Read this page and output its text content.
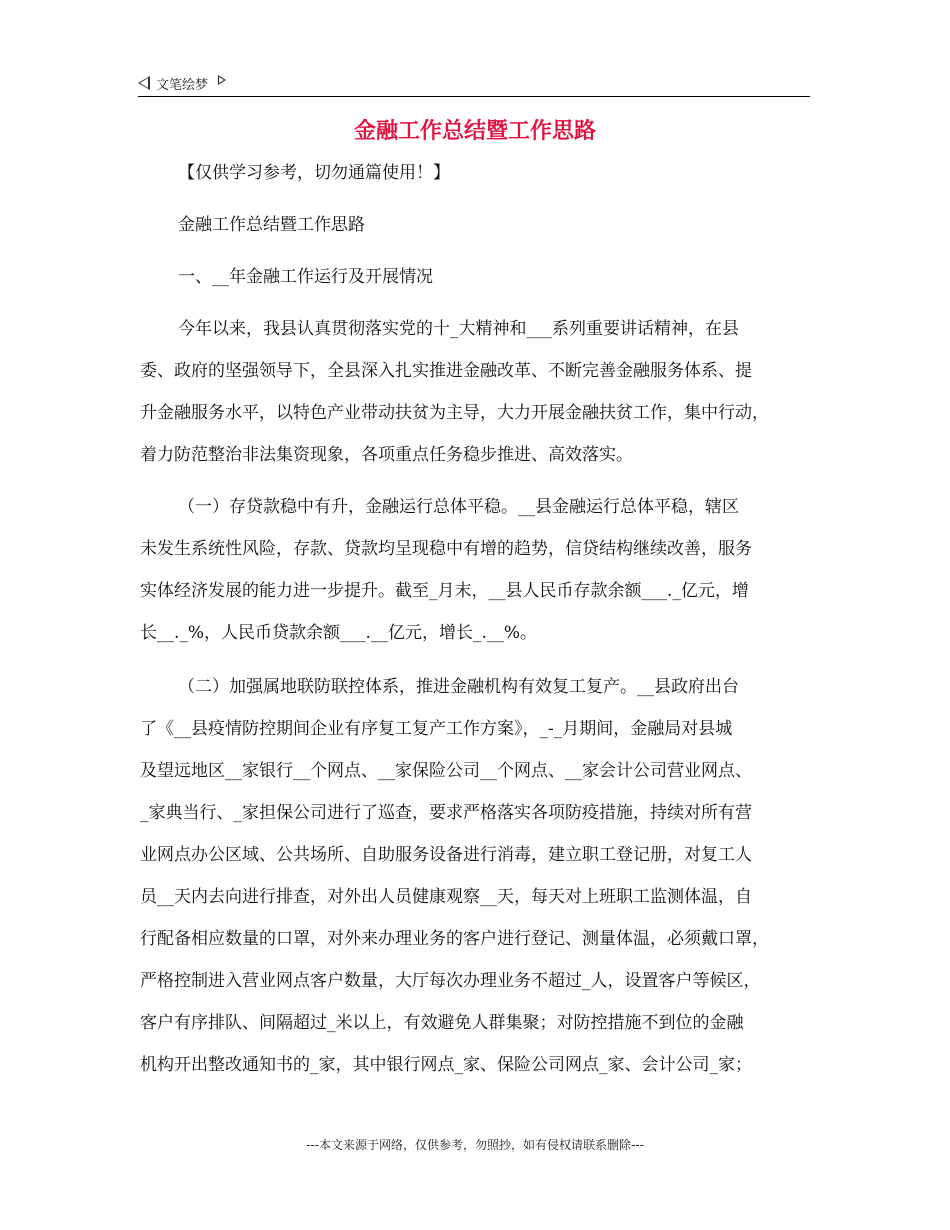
文笔绘梦
金融工作总结暨工作思路
【仅供学习参考，切勿通篇使用！】
金融工作总结暨工作思路
一、__年金融工作运行及开展情况
今年以来，我县认真贯彻落实党的十_大精神和___系列重要讲话精神，在县
委、政府的坚强领导下，全县深入扎实推进金融改革、不断完善金融服务体系、提
升金融服务水平，以特色产业带动扶贫为主导，大力开展金融扶贫工作，集中行动，
着力防范整治非法集资现象，各项重点任务稳步推进、高效落实。
（一）存贷款稳中有升，金融运行总体平稳。__县金融运行总体平稳，辖区
未发生系统性风险，存款、贷款均呈现稳中有增的趋势，信贷结构继续改善，服务
实体经济发展的能力进一步提升。截至_月末，__县人民币存款余额___._亿元，增
长__._%，人民币贷款余额___.__亿元，增长_.__%。
（二）加强属地联防联控体系，推进金融机构有效复工复产。__县政府出台
了《__县疫情防控期间企业有序复工复产工作方案》，_-_月期间，金融局对县城
及望远地区__家银行__个网点、__家保险公司__个网点、__家会计公司营业网点、
_家典当行、_家担保公司进行了巡查，要求严格落实各项防疫措施，持续对所有营
业网点办公区域、公共场所、自助服务设备进行消毒，建立职工登记册，对复工人
员__天内去向进行排查，对外出人员健康观察__天，每天对上班职工监测体温，自
行配备相应数量的口罩，对外来办理业务的客户进行登记、测量体温，必须戴口罩，
严格控制进入营业网点客户数量，大厅每次办理业务不超过_人，设置客户等候区，
客户有序排队、间隔超过_米以上，有效避免人群集聚；对防控措施不到位的金融
机构开出整改通知书的_家，其中银行网点_家、保险公司网点_家、会计公司_家；
---本文来源于网络，仅供参考，勿照抄，如有侵权请联系删除---
